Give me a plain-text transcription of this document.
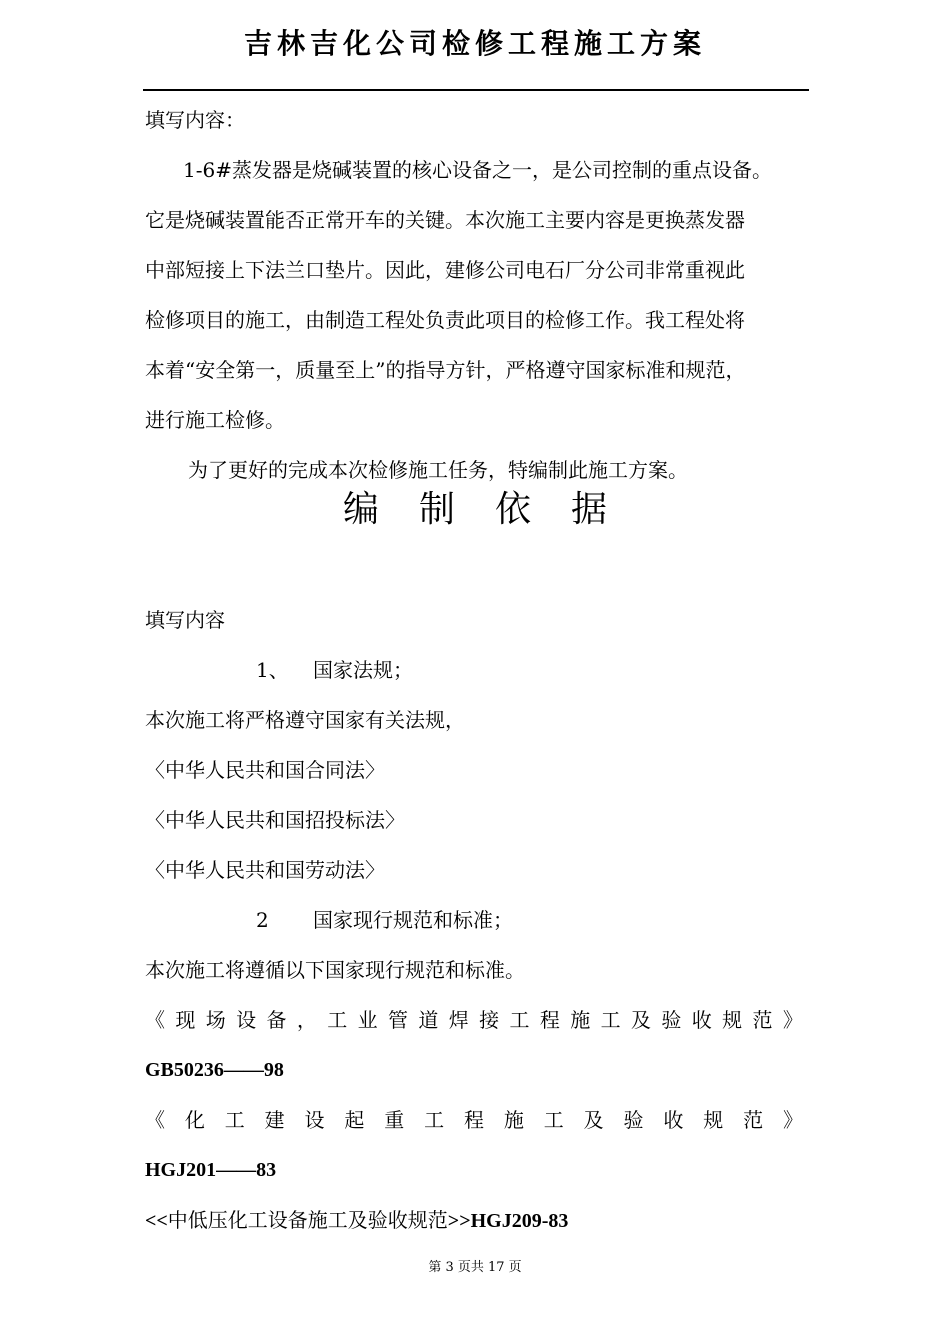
吉林吉化公司检修工程施工方案
填写内容：
1-6#蒸发器是烧碱装置的核心设备之一，是公司控制的重点设备。
它是烧碱装置能否正常开车的关键。本次施工主要内容是更换蒸发器
中部短接上下法兰口垫片。因此，建修公司电石厂分公司非常重视此
检修项目的施工，由制造工程处负责此项目的检修工作。我工程处将
本着“安全第一，质量至上”的指导方针，严格遵守国家标准和规范，
进行施工检修。
为了更好的完成本次检修施工任务，特编制此施工方案。
编制依据
填写内容
1、 国家法规；
本次施工将严格遵守国家有关法规，
〈中华人民共和国合同法〉
〈中华人民共和国招投标法〉
〈中华人民共和国劳动法〉
2 国家现行规范和标准；
本次施工将遵循以下国家现行规范和标准。
《 现 场 设 备 ， 工 业 管 道 焊 接 工 程 施 工 及 验 收 规 范 》
GB50236——98
《 化 工 建 设 起 重 工 程 施 工 及 验 收 规 范 》
HGJ201——83
<<中低压化工设备施工及验收规范>>HGJ209-83
第 3 页共 17 页
